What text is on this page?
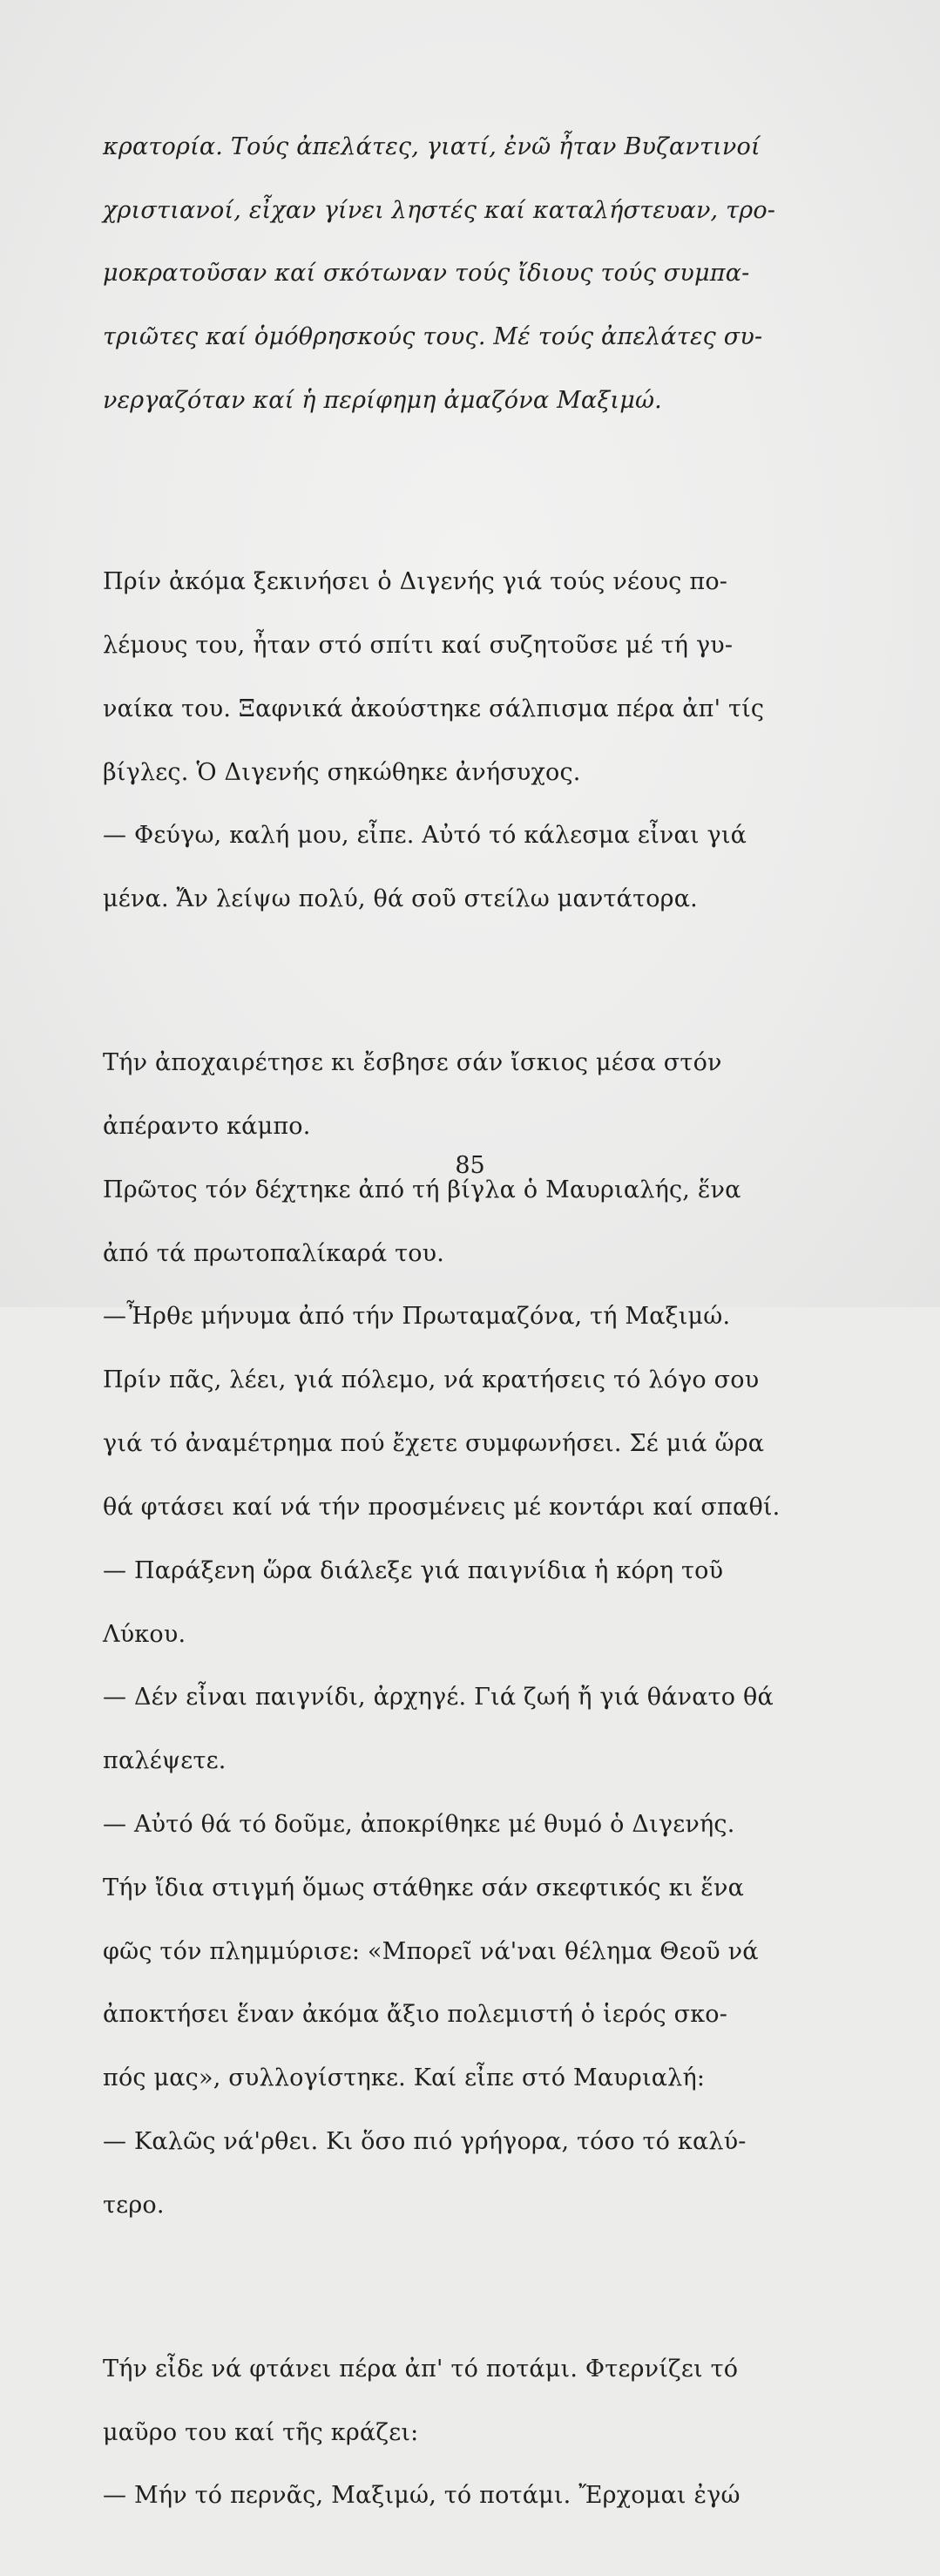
κρατορία. Τούς ἀπελάτες, γιατί, ἐνῶ ἦταν Βυζαντινοί

χριστιανοί, εἶχαν γίνει ληστές καί καταλήστευαν, τρο-

μοκρατοῦσαν καί σκότωναν τούς ἴδιους τούς συμπα-

τριῶτες καί ὁμόθρησκούς τους. Μέ τούς ἀπελάτες συ-

νεργαζόταν καί ἡ περίφημη ἀμαζόνα Μαξιμώ.

Πρίν ἀκόμα ξεκινήσει ὁ Διγενής γιά τούς νέους πο-

λέμους του, ἦταν στό σπίτι καί συζητοῦσε μέ τή γυ-

ναίκα του. Ξαφνικά ἀκούστηκε σάλπισμα πέρα ἀπ' τίς

βίγλες. Ὁ Διγενής σηκώθηκε ἀνήσυχος.

— Φεύγω, καλή μου, εἶπε. Αὐτό τό κάλεσμα εἶναι γιά

μένα. Ἄν λείψω πολύ, θά σοῦ στείλω μαντάτορα.

Τήν ἀποχαιρέτησε κι ἔσβησε σάν ἴσκιος μέσα στόν

ἀπέραντο κάμπο.

Πρῶτος τόν δέχτηκε ἀπό τή βίγλα ὁ Μαυριαλής, ἕνα

ἀπό τά πρωτοπαλίκαρά του.

—Ἦρθε μήνυμα ἀπό τήν Πρωταμαζόνα, τή Μαξιμώ.

Πρίν πᾶς, λέει, γιά πόλεμο, νά κρατήσεις τό λόγο σου

γιά τό ἀναμέτρημα πού ἔχετε συμφωνήσει. Σέ μιά ὥρα

θά φτάσει καί νά τήν προσμένεις μέ κοντάρι καί σπαθί.

— Παράξενη ὥρα διάλεξε γιά παιγνίδια ἡ κόρη τοῦ

Λύκου.

— Δέν εἶναι παιγνίδι, ἀρχηγέ. Γιά ζωή ἤ γιά θάνατο θά

παλέψετε.

— Αὐτό θά τό δοῦμε, ἀποκρίθηκε μέ θυμό ὁ Διγενής.

Τήν ἴδια στιγμή ὅμως στάθηκε σάν σκεφτικός κι ἕνα

φῶς τόν πλημμύρισε: «Μπορεῖ νά'ναι θέλημα Θεοῦ νά

ἀποκτήσει ἕναν ἀκόμα ἄξιο πολεμιστή ὁ ἱερός σκο-

πός μας», συλλογίστηκε. Καί εἶπε στό Μαυριαλή:

— Καλῶς νά'ρθει. Κι ὅσο πιό γρήγορα, τόσο τό καλύ-

τερο.

Τήν εἶδε νά φτάνει πέρα ἀπ' τό ποτάμι. Φτερνίζει τό

μαῦρο του καί τῆς κράζει:

— Μήν τό περνᾶς, Μαξιμώ, τό ποτάμι. Ἔρχομαι ἐγώ

85
